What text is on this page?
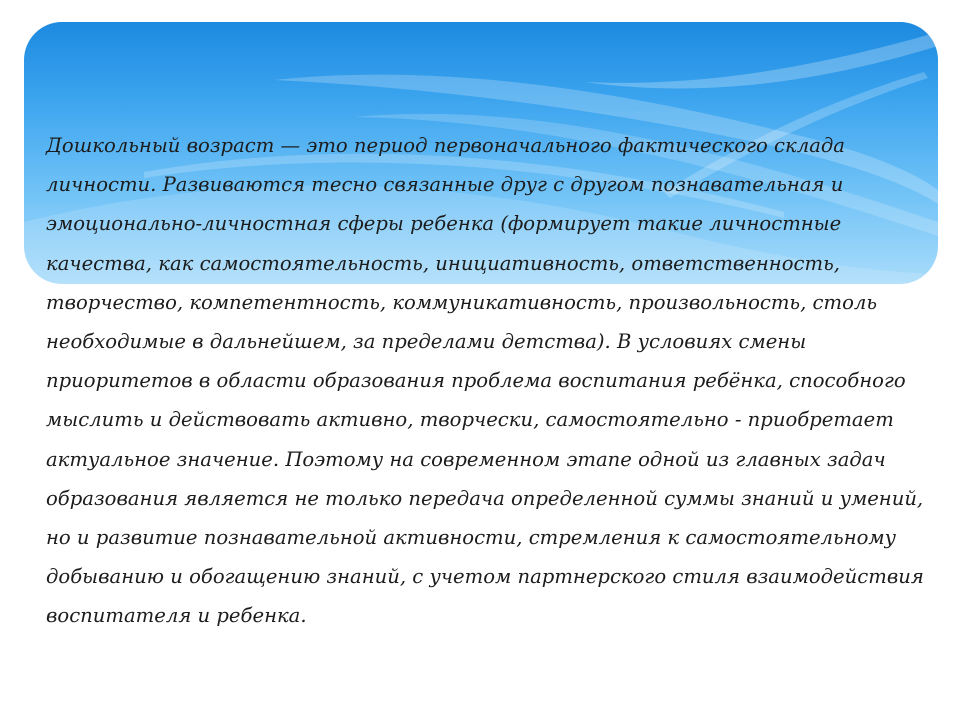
Дошкольный возраст — это период первоначального фактического склада личности. Развиваются тесно связанные друг с другом познавательная и эмоционально-личностная сферы ребенка (формирует такие личностные качества, как самостоятельность, инициативность, ответственность, творчество, компетентность, коммуникативность, произвольность, столь необходимые в дальнейшем, за пределами детства). В условиях смены приоритетов в области образования проблема воспитания ребёнка, способного мыслить и действовать активно, творчески, самостоятельно - приобретает актуальное значение. Поэтому на современном этапе одной из главных задач образования является не только передача определенной суммы знаний и умений, но и развитие познавательной активности, стремления к самостоятельному добыванию и обогащению знаний, с учетом партнерского стиля взаимодействия воспитателя и ребенка.
